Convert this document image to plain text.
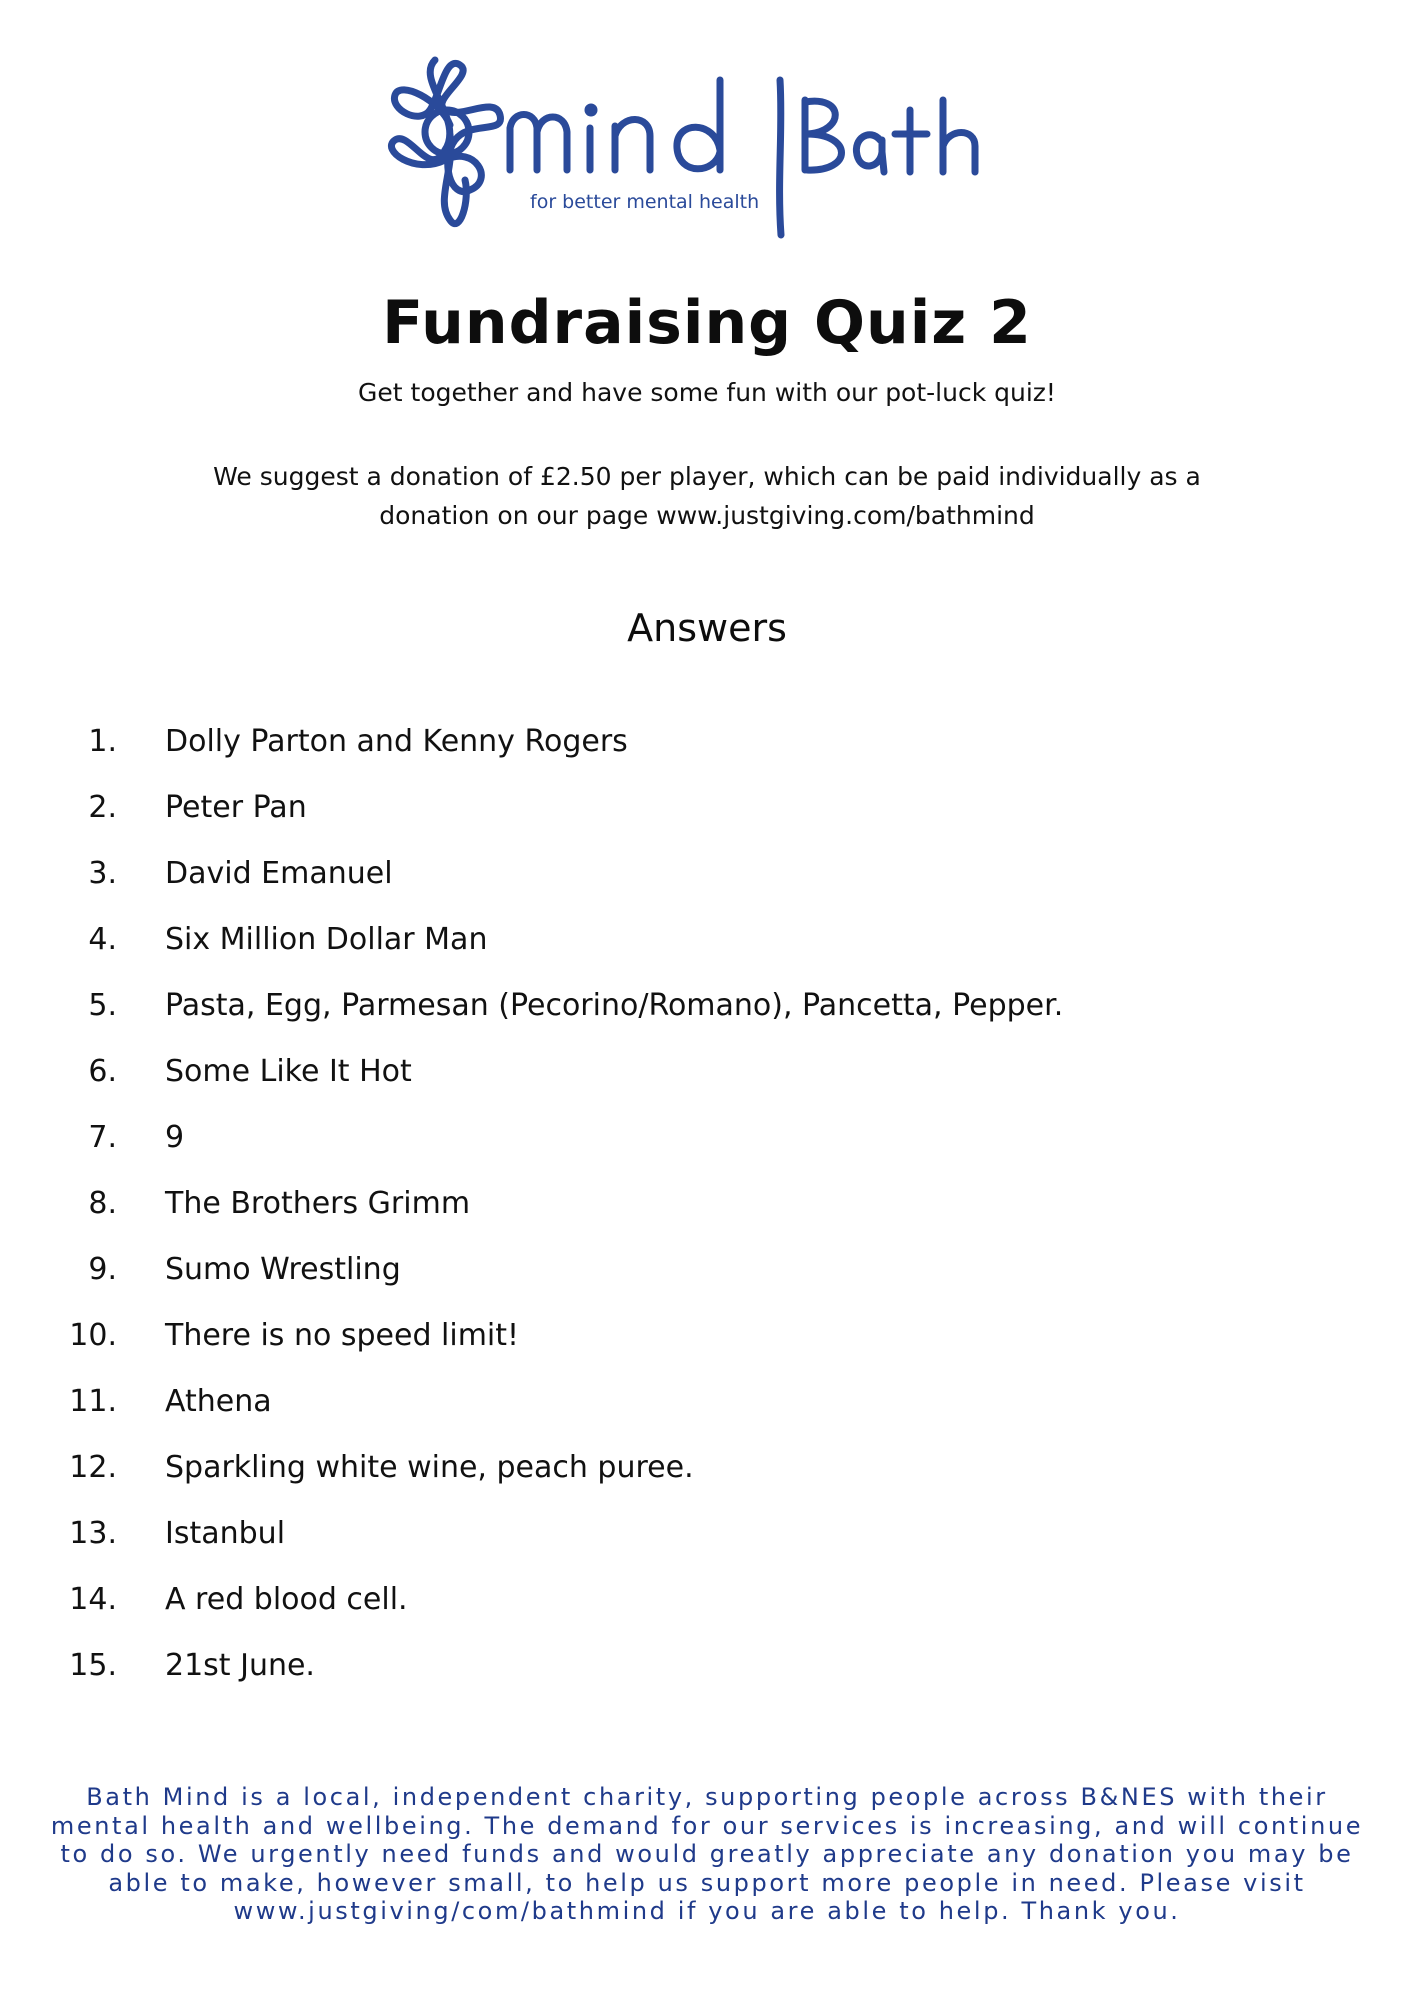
for better mental health
Fundraising Quiz 2
Get together and have some fun with our pot-luck quiz!
We suggest a donation of £2.50 per player, which can be paid individually as a donation on our page www.justgiving.com/bathmind
Answers
1. Dolly Parton and Kenny Rogers
2. Peter Pan
3. David Emanuel
4. Six Million Dollar Man
5. Pasta, Egg, Parmesan (Pecorino/Romano), Pancetta, Pepper.
6. Some Like It Hot
7. 9
8. The Brothers Grimm
9. Sumo Wrestling
10. There is no speed limit!
11. Athena
12. Sparkling white wine, peach puree.
13. Istanbul
14. A red blood cell.
15. 21st June.
Bath Mind is a local, independent charity, supporting people across B&NES with their mental health and wellbeing. The demand for our services is increasing, and will continue to do so. We urgently need funds and would greatly appreciate any donation you may be able to make, however small, to help us support more people in need. Please visit www.justgiving/com/bathmind if you are able to help. Thank you.
